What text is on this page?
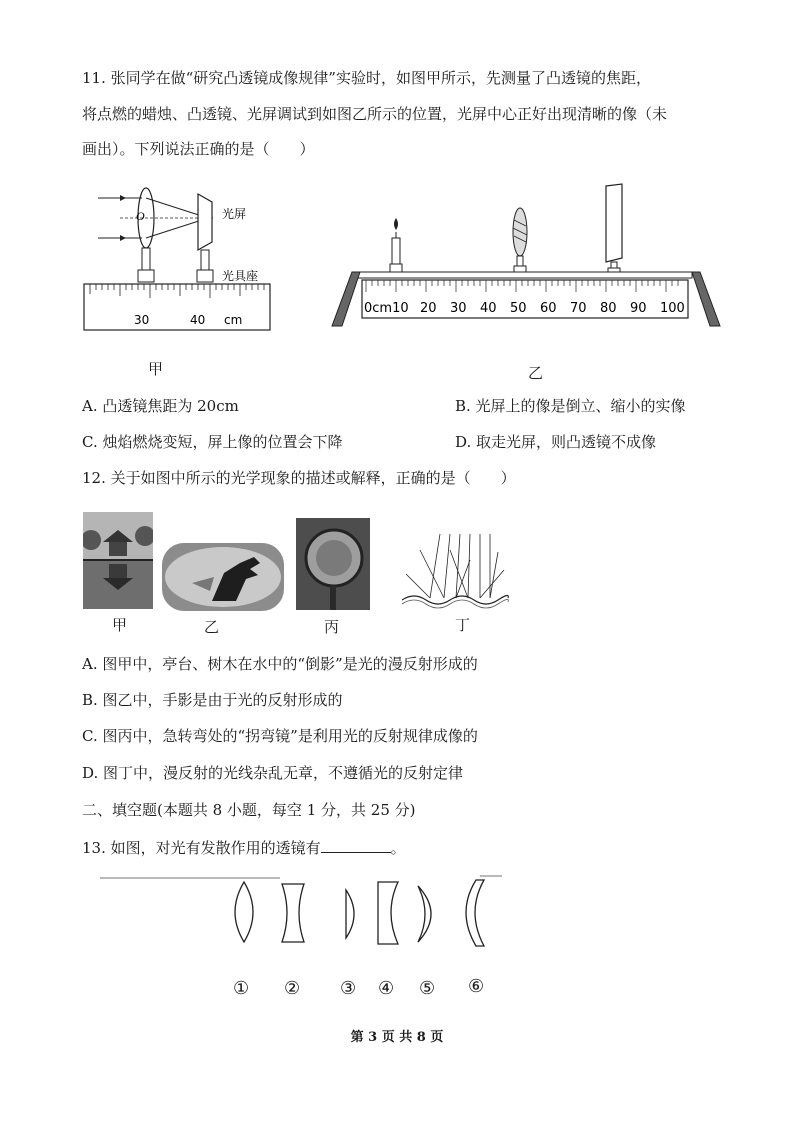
11. 张同学在做“研究凸透镜成像规律”实验时，如图甲所示，先测量了凸透镜的焦距，
将点燃的蜡烛、凸透镜、光屏调试到如图乙所示的位置，光屏中心正好出现清晰的像（未
画出）。下列说法正确的是（　　）
O	光屏
光具座
30	40 cm
甲
0cm10 20 30 40 50 60 70 80 90 100
乙
A. 凸透镜焦距为 20cm	B. 光屏上的像是倒立、缩小的实像
C. 烛焰燃烧变短，屏上像的位置会下降	D. 取走光屏，则凸透镜不成像
12. 关于如图中所示的光学现象的描述或解释，正确的是（　　）
甲	乙	丙	丁
A. 图甲中，亭台、树木在水中的“倒影”是光的漫反射形成的
B. 图乙中，手影是由于光的反射形成的
C. 图丙中，急转弯处的“拐弯镜”是利用光的反射规律成像的
D. 图丁中，漫反射的光线杂乱无章，不遵循光的反射定律
二、填空题(本题共 8 小题，每空 1 分，共 25 分)
13. 如图，对光有发散作用的透镜有	。
① ② ③ ④ ⑤ ⑥
第 3 页 共 8 页
